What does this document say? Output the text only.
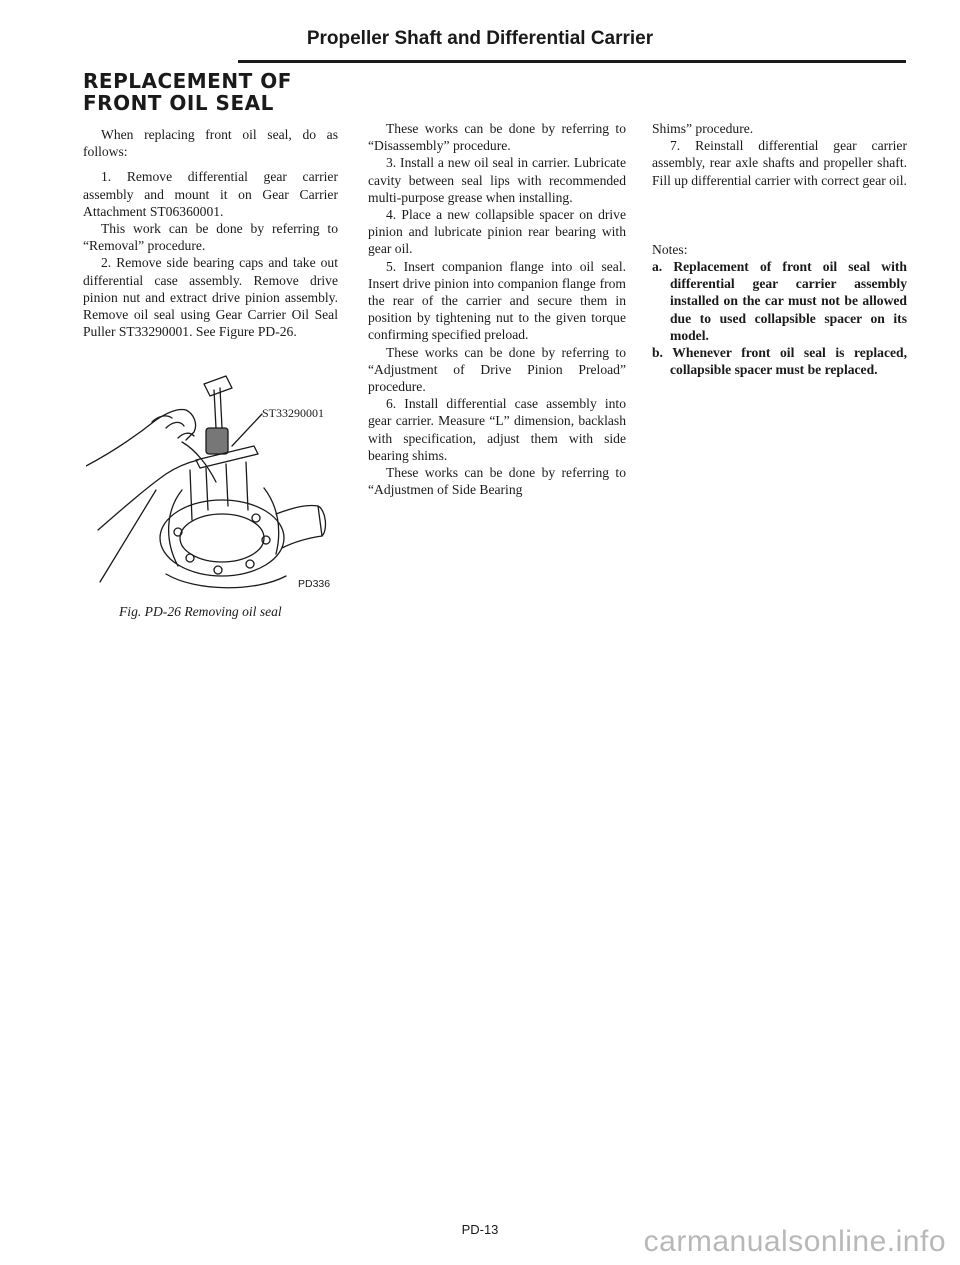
Propeller Shaft and Differential Carrier
REPLACEMENT OF
FRONT OIL SEAL

When replacing front oil seal, do as follows:

1. Remove differential gear carrier assembly and mount it on Gear Carrier Attachment ST06360001.

This work can be done by referring to “Removal” procedure.

2. Remove side bearing caps and take out differential case assembly. Remove drive pinion nut and extract drive pinion assembly. Remove oil seal using Gear Carrier Oil Seal Puller ST33290001. See Figure PD-26.

ST33290001
PD336
Fig. PD-26 Removing oil seal

These works can be done by referring to “Disassembly” procedure.

3. Install a new oil seal in carrier. Lubricate cavity between seal lips with recommended multi-purpose grease when installing.

4. Place a new collapsible spacer on drive pinion and lubricate pinion rear bearing with gear oil.

5. Insert companion flange into oil seal. Insert drive pinion into companion flange from the rear of the carrier and secure them in position by tightening nut to the given torque confirming specified preload.

These works can be done by referring to “Adjustment of Drive Pinion Preload” procedure.

6. Install differential case assembly into gear carrier. Measure “L” dimension, backlash with specification, adjust them with side bearing shims.

These works can be done by referring to “Adjustmen of Side Bearing

Shims” procedure.

7. Reinstall differential gear carrier assembly, rear axle shafts and propeller shaft. Fill up differential carrier with correct gear oil.

Notes:

a. Replacement of front oil seal with differential gear carrier assembly installed on the car must not be allowed due to used collapsible spacer on its model.

b. Whenever front oil seal is replaced, collapsible spacer must be replaced.

PD-13	carmanualsonline.info
